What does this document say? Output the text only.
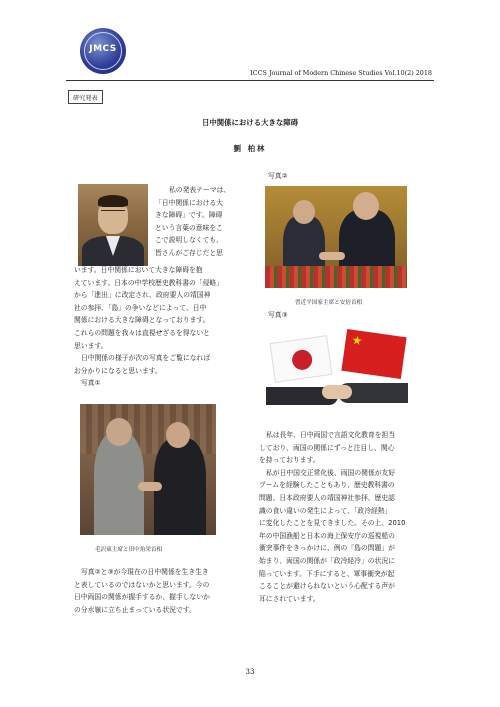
JMCS
ICCS Journal of Modern Chinese Studies Vol.10(2) 2018
研究発表
日中関係における大きな障碍
劉 柏林
私の発表テーマは、
「日中関係における大
きな障碍」です。障碍
という言葉の意味をこ
こで説明しなくても、
皆さんがご存じだと思
います。日中関係において大きな障碍を抱
えています。日本の中学校歴史教科書の「侵略」
から「進出」に改定され、政府要人の靖国神
社の参拝、「島」の争いなどによって、日中
関係における大きな障碍となっております。
これらの問題を我々は直視せざるを得ないと
思います。
日中関係の様子が次の写真をご覧になれば
お分かりになると思います。
写真①
毛沢東主席と田中角栄首相
写真②と③が今現在の日中関係を生き生き
と表しているのではないかと思います。今の
日中両国の関係が握手するか、握手しないか
の分水嶺に立ち止まっている状況です。
写真②
習近平国家主席と安倍首相
写真③
★
私は長年、日中両国で言語文化教育を担当
しており、両国の関係にずっと注目し、関心
を持っております。
私が日中国交正常化後、両国の関係が友好
ブームを経験したこともあり、歴史教科書の
問題、日本政府要人の靖国神社参拝、歴史認
識の食い違いの発生によって、「政冷経熱」
に変化したことを見てきました。その上、2010
年の中国漁船と日本の海上保安庁の巡視船の
衝突事件をきっかけに、例の「島の問題」が
始まり、両国の関係が「政冷経冷」の状況に
陥っています。下手にすると、軍事衝突が起
こることが避けられないという心配する声が
耳にされています。
33
